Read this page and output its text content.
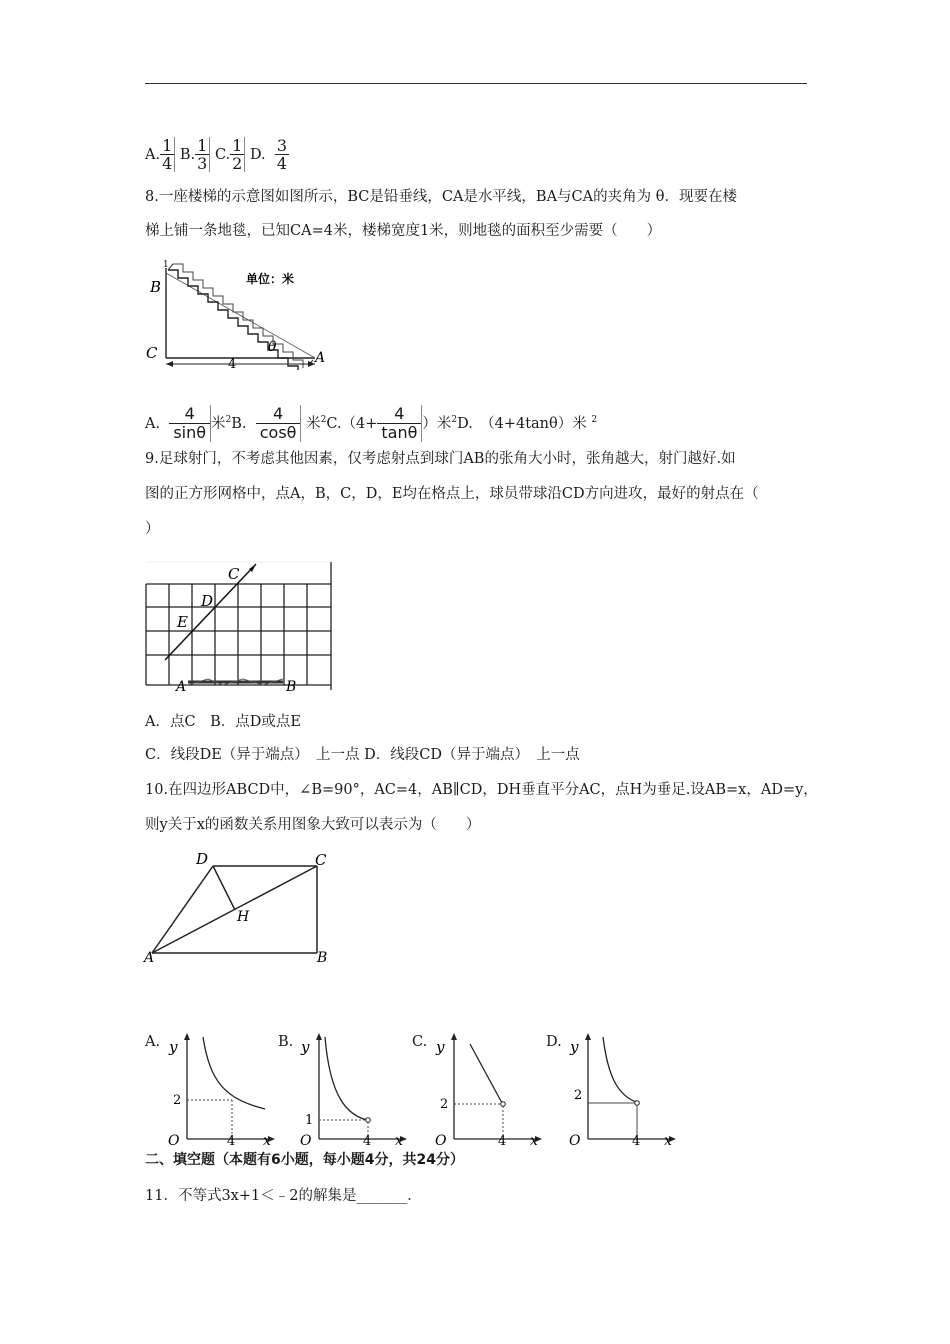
A. $\frac{1}{4} B$. $\frac{1}{3} C$. $\frac{1}{2} D$. $\frac{3}{4}$
8.一座楼梯的示意图如图所示，BC是铅垂线，CA是水平线，BA与CA的夹角为 θ．现要在楼
梯上铺一条地毯，已知CA=4米，楼梯宽度1米，则地毯的面积至少需要（　　）
B
C	A
θ
1
4
单位：米
A. $\frac{4}{\sin\theta}$ 米$^2$B. $\frac{4}{\cos\theta}$ 米$^2C.(4+ \frac{4}{\tan\theta}$ ）米$^2$D.　（4+4tanθ）米 $^2$
9.足球射门，不考虑其他因素，仅考虑射点到球门AB的张角大小时，张角越大，射门越好.如
图的正方形网格中，点A，B，C，D，E均在格点上，球员带球沿CD方向进攻，最好的射点在（
）
C
D
E
A	B
A．点C　B．点D或点E
C．线段DE（异于端点）　上一点 D．线段CD（异于端点）　上一点
10.在四边形ABCD中，∠B=90°，AC=4，AB∥CD，DH垂直平分AC，点H为垂足.设AB=x，AD=y，
则y关于x的函数关系用图象大致可以表示为（　　）
D	C
H
A	B
A. y
2
O	4 x
B. y
1
O	4 x
C. y
2
O	4 x
D. y
2
O	4 x
二、填空题（本题有6小题，每小题4分，共24分）
11．不等式3x+1＜﹣2的解集是_______．
